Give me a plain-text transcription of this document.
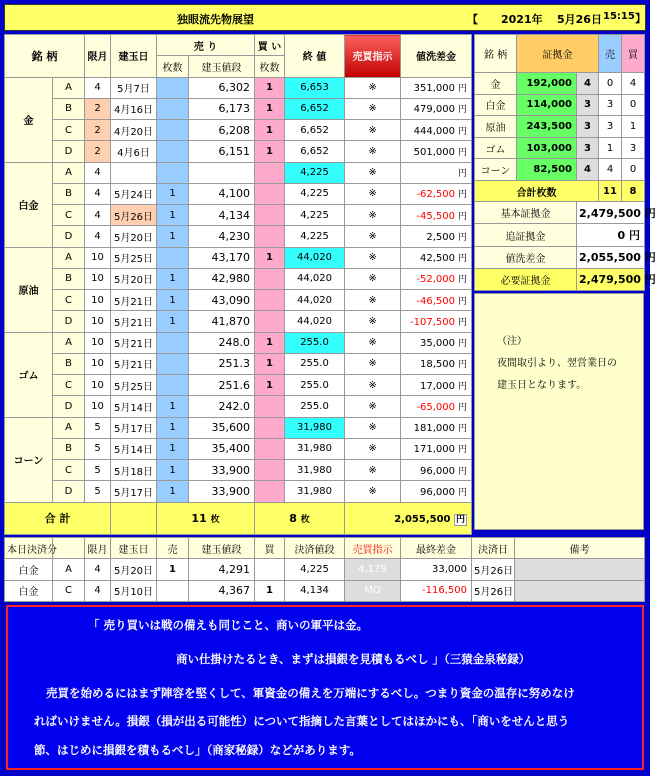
独眼流先物展望	【 2021年 5月26日 15:15 】
銘 柄		限月	建玉日	売 り		買 い	終 値	売買指示	値洗差金
				枚数	建玉値段	枚数			
金	A	4	5月7日		6,302	1	6,653	※	351,000 円
	B	2	4月16日		6,173	1	6,652	※	479,000 円
	C	2	4月20日		6,208	1	6,652	※	444,000 円
	D	2	4月6日		6,151	1	6,652	※	501,000 円
白金	A	4					4,225	※	円
	B	4	5月24日	1	4,100		4,225	※	-62,500 円
	C	4	5月26日	1	4,134		4,225	※	-45,500 円
	D	4	5月20日	1	4,230		4,225	※	2,500 円
原油	A	10	5月25日		43,170	1	44,020	※	42,500 円
	B	10	5月20日	1	42,980		44,020	※	-52,000 円
	C	10	5月21日	1	43,090		44,020	※	-46,500 円
	D	10	5月21日	1	41,870		44,020	※	-107,500 円
ゴム	A	10	5月21日		248.0	1	255.0	※	35,000 円
	B	10	5月21日		251.3	1	255.0	※	18,500 円
	C	10	5月25日		251.6	1	255.0	※	17,000 円
	D	10	5月14日	1	242.0		255.0	※	-65,000 円
コーン	A	5	5月17日	1	35,600		31,980	※	181,000 円
	B	5	5月14日	1	35,400		31,980	※	171,000 円
	C	5	5月18日	1	33,900		31,980	※	96,000 円
	D	5	5月17日	1	33,900		31,980	※	96,000 円
合 計				11 枚		8 枚		2,055,500 円	
銘 柄	証拠金		売	買
金	192,000	4	0	4
白金	114,000	3	3	0
原油	243,500	3	3	1
ゴム	103,000	3	1	3
コーン	82,500	4	4	0
合計枚数			11	8
基本証拠金		2,479,500 円		
追証拠金		0 円		
値洗差金		2,055,500 円		
必要証拠金		2,479,500 円		

（注）

夜間取引より、翌営業日の

建玉日となります。

本日決済分		限月	建玉日	売	建玉値段	買	決済値段	売買指示	最終差金	決済日	備考
白金	A	4	5月20日	1	4,291		4,225	4,179	33,000	5月26日	
白金	C	4	5月10日		4,367	1	4,134	MO	-116,500	5月26日	
「 売り買いは戦の備えも同じこと、商いの軍平は金。
商い仕掛けたるとき、まずは損銀を見積もるべし 」（三猿金泉秘録）
売買を始めるにはまず陣容を堅くして、軍資金の備えを万端にするべし。つまり資金の温存に努めなけ
ればいけません。損銀（損が出る可能性）について指摘した言葉としてはほかにも、「商いをせんと思う
節、はじめに損銀を積もるべし」（商家秘録）などがあります。
